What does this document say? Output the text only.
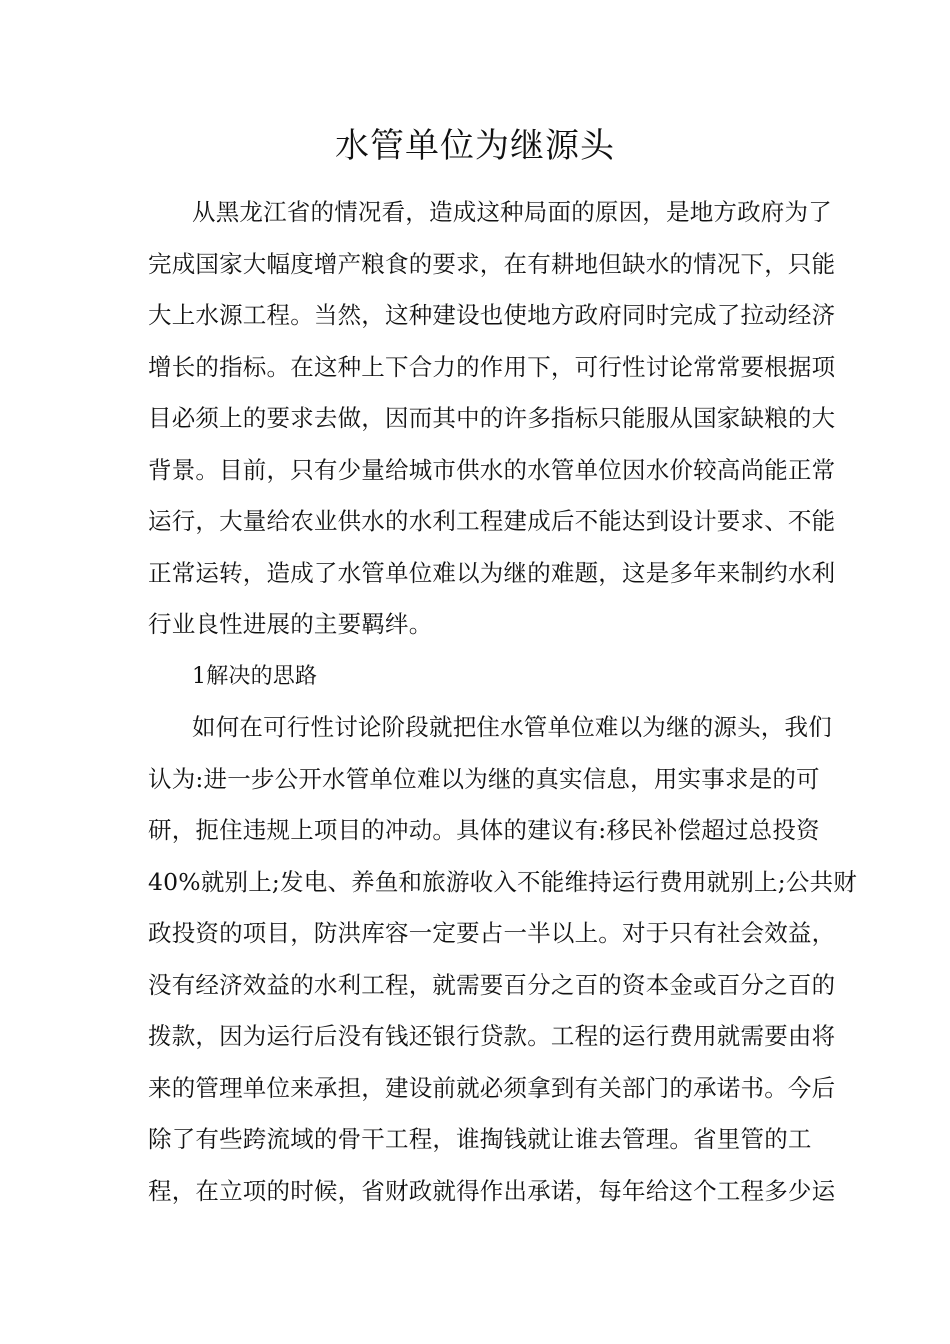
水管单位为继源头
从黑龙江省的情况看，造成这种局面的原因，是地方政府为了
完成国家大幅度增产粮食的要求，在有耕地但缺水的情况下，只能
大上水源工程。当然，这种建设也使地方政府同时完成了拉动经济
增长的指标。在这种上下合力的作用下，可行性讨论常常要根据项
目必须上的要求去做，因而其中的许多指标只能服从国家缺粮的大
背景。目前，只有少量给城市供水的水管单位因水价较高尚能正常
运行，大量给农业供水的水利工程建成后不能达到设计要求、不能
正常运转，造成了水管单位难以为继的难题，这是多年来制约水利
行业良性进展的主要羁绊。
1解决的思路
如何在可行性讨论阶段就把住水管单位难以为继的源头，我们
认为:进一步公开水管单位难以为继的真实信息，用实事求是的可
研，扼住违规上项目的冲动。具体的建议有:移民补偿超过总投资
40%就别上;发电、养鱼和旅游收入不能维持运行费用就别上;公共财
政投资的项目，防洪库容一定要占一半以上。对于只有社会效益，
没有经济效益的水利工程，就需要百分之百的资本金或百分之百的
拨款，因为运行后没有钱还银行贷款。工程的运行费用就需要由将
来的管理单位来承担，建设前就必须拿到有关部门的承诺书。今后
除了有些跨流域的骨干工程，谁掏钱就让谁去管理。省里管的工
程，在立项的时候，省财政就得作出承诺，每年给这个工程多少运
